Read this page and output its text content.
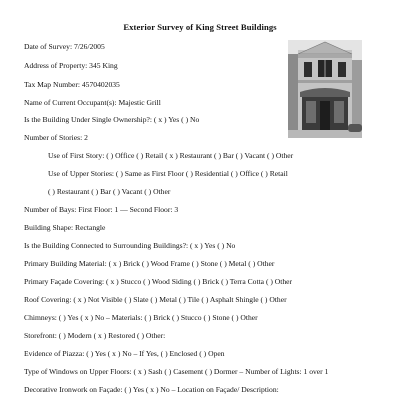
Exterior Survey of King Street Buildings
Date of Survey: 7/26/2005
Address of Property: 345 King
Tax Map Number: 4570402035
Name of Current Occupant(s): Majestic Grill
Is the Building Under Single Ownership?: ( x ) Yes ( ) No
Number of Stories: 2
Use of First Story: ( ) Office ( ) Retail ( x ) Restaurant ( ) Bar ( ) Vacant ( ) Other
Use of Upper Stories: ( ) Same as First Floor ( ) Residential ( ) Office ( ) Retail
( ) Restaurant ( ) Bar ( ) Vacant ( ) Other
Number of Bays: First Floor: 1 — Second Floor: 3
Building Shape: Rectangle
Is the Building Connected to Surrounding Buildings?: ( x ) Yes ( ) No
Primary Building Material: ( x ) Brick ( ) Wood Frame ( ) Stone ( ) Metal ( ) Other
Primary Façade Covering: ( x ) Stucco ( ) Wood Siding ( ) Brick ( ) Terra Cotta ( ) Other
Roof Covering: ( x ) Not Visible ( ) Slate ( ) Metal ( ) Tile ( ) Asphalt Shingle ( ) Other
Chimneys: ( ) Yes ( x ) No – Materials: ( ) Brick ( ) Stucco ( ) Stone ( ) Other
Storefront: ( ) Modern ( x ) Restored ( ) Other:
Evidence of Piazza: ( ) Yes ( x ) No – If Yes, ( ) Enclosed ( ) Open
Type of Windows on Upper Floors: ( x ) Sash ( ) Casement ( ) Dormer – Number of Lights: 1 over 1
Decorative Ironwork on Façade: ( ) Yes ( x ) No – Location on Façade/ Description:
